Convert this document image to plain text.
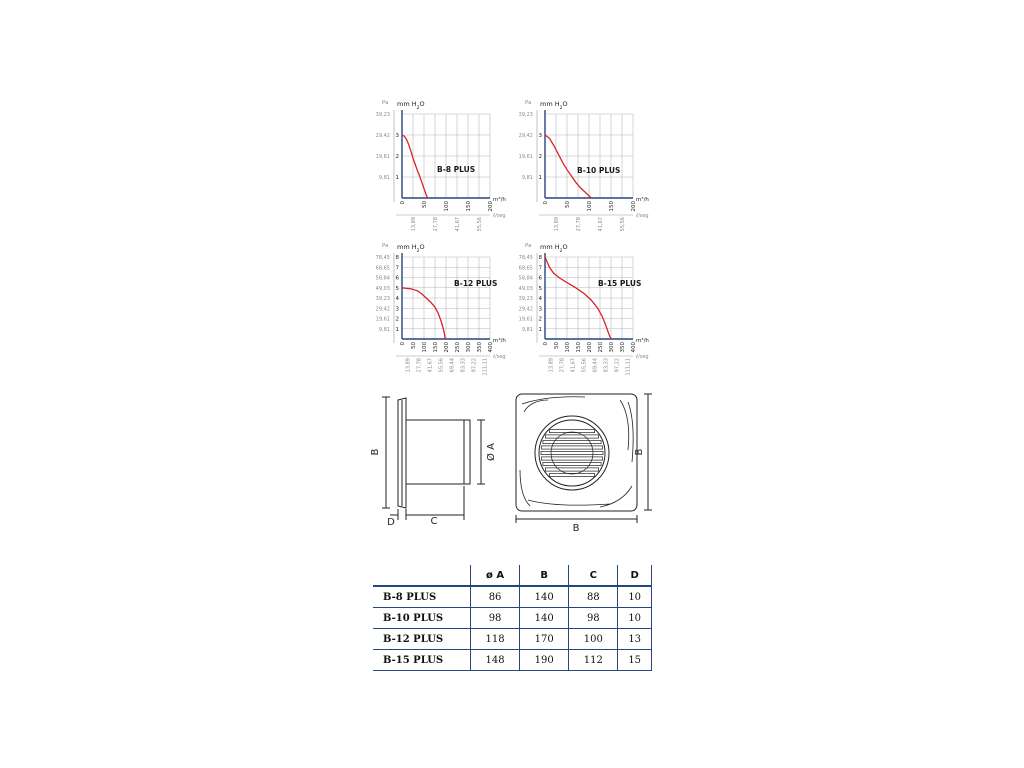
Pa mm $H_2O$
m³/h
ℓ/seg
0	50	100	150	200
13,89	27,78	41,67	55,56
1
2
3
9,81
19,61
29,42
39,23
B-8 PLUS
Pa mm $H_2O$
m³/h
ℓ/seg
0	50	100	150	200
13,89	27,78	41,67	55,56
1
2
3
9,81
19,61
29,42
39,23
B-10 PLUS
Pa mm $H_2O$
m³/h
ℓ/seg
0 50 100 150 200 250 300 350 400
13,89 27,78 41,67 55,56 69,44 83,33 97,22 111,11
1
2
3
4
5
6
7
8
9,81
19,61
29,42
39,23
49,03
58,84
68,65
78,45
B-12 PLUS
Pa mm $H_2O$
m³/h
ℓ/seg
0 50 100 150 200 250 300 350 400
13,89 27,78 41,67 55,56 69,44 83,33 97,22 111,11
1
2
3
4
5
6
7
8
9,81
19,61
29,42
39,23
49,03
58,84
68,65
78,45
B-15 PLUS
B	Ø A
D	C
B
B
	ø A	B	C	D
B-8 PLUS	86	140	88	10
B-10 PLUS	98	140	98	10
B-12 PLUS	118	170	100	13
B-15 PLUS	148	190	112	15
